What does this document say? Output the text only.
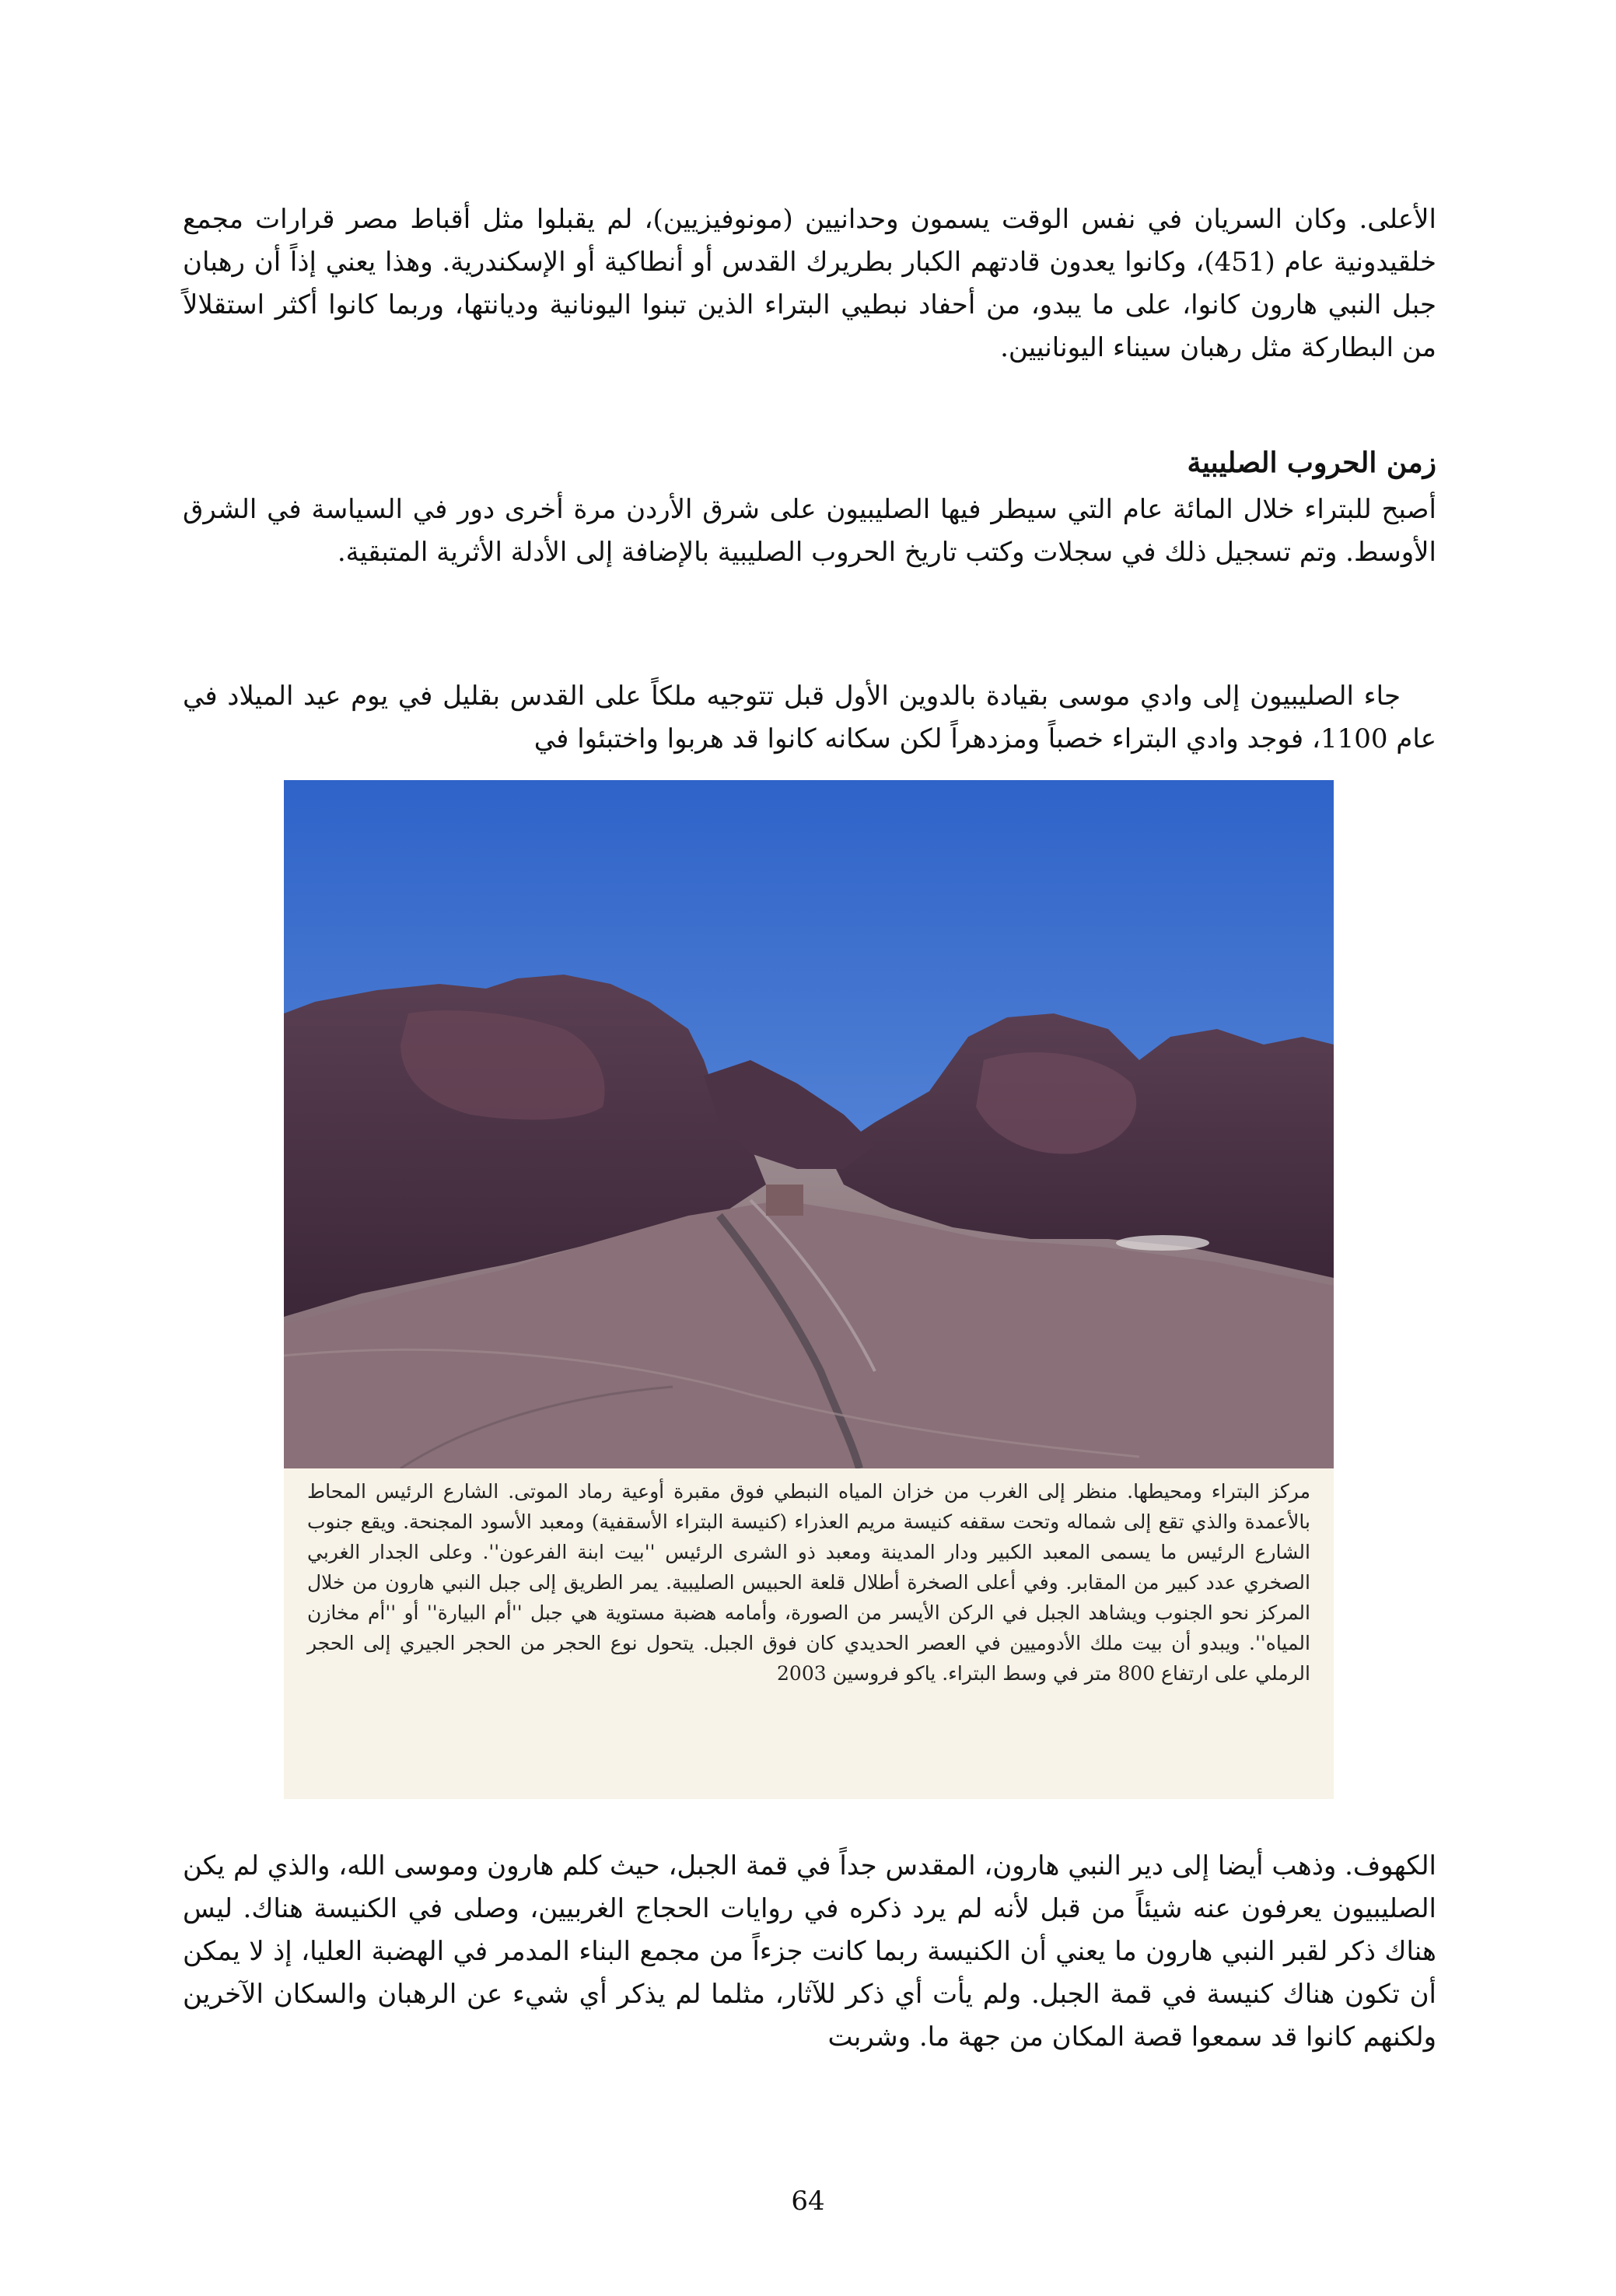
الأعلى. وكان السريان في نفس الوقت يسمون وحدانيين (مونوفيزيين)، لم يقبلوا مثل أقباط مصر قرارات مجمع خلقيدونية عام (451)، وكانوا يعدون قادتهم الكبار بطريرك القدس أو أنطاكية أو الإسكندرية. وهذا يعني إذاً أن رهبان جبل النبي هارون كانوا، على ما يبدو، من أحفاد نبطيي البتراء الذين تبنوا اليونانية وديانتها، وربما كانوا أكثر استقلالاً من البطاركة مثل رهبان سيناء اليونانيين.
زمن الحروب الصليبية
أصبح للبتراء خلال المائة عام التي سيطر فيها الصليبيون على شرق الأردن مرة أخرى دور في السياسة في الشرق الأوسط. وتم تسجيل ذلك في سجلات وكتب تاريخ الحروب الصليبية بالإضافة إلى الأدلة الأثرية المتبقية.
جاء الصليبيون إلى وادي موسى بقيادة بالدوين الأول قبل تتوجيه ملكاً على القدس بقليل في يوم عيد الميلاد في عام 1100، فوجد وادي البتراء خصباً ومزدهراً لكن سكانه كانوا قد هربوا واختبئوا في
مركز البتراء ومحيطها. منظر إلى الغرب من خزان المياه النبطي فوق مقبرة أوعية رماد الموتى. الشارع الرئيس المحاط بالأعمدة والذي تقع إلى شماله وتحت سقفه كنيسة مريم العذراء (كنيسة البتراء الأسقفية) ومعبد الأسود المجنحة. ويقع جنوب الشارع الرئيس ما يسمى المعبد الكبير ودار المدينة ومعبد ذو الشرى الرئيس ''بيت ابنة الفرعون''. وعلى الجدار الغربي الصخري عدد كبير من المقابر. وفي أعلى الصخرة أطلال قلعة الحبيس الصليبية. يمر الطريق إلى جبل النبي هارون من خلال المركز نحو الجنوب ويشاهد الجبل في الركن الأيسر من الصورة، وأمامه هضبة مستوية هي جبل ''أم البيارة'' أو ''أم مخازن المياه''. ويبدو أن بيت ملك الأدوميين في العصر الحديدي كان فوق الجبل. يتحول نوع الحجر من الحجر الجيري إلى الحجر الرملي على ارتفاع 800 متر في وسط البتراء. ياكو فروسين 2003
الكهوف. وذهب أيضا إلى دير النبي هارون، المقدس جداً في قمة الجبل، حيث كلم هارون وموسى الله، والذي لم يكن الصليبيون يعرفون عنه شيئاً من قبل لأنه لم يرد ذكره في روايات الحجاج الغربيين، وصلى في الكنيسة هناك. ليس هناك ذكر لقبر النبي هارون ما يعني أن الكنيسة ربما كانت جزءاً من مجمع البناء المدمر في الهضبة العليا، إذ لا يمكن أن تكون هناك كنيسة في قمة الجبل. ولم يأت أي ذكر للآثار، مثلما لم يذكر أي شيء عن الرهبان والسكان الآخرين ولكنهم كانوا قد سمعوا قصة المكان من جهة ما. وشربت
64
